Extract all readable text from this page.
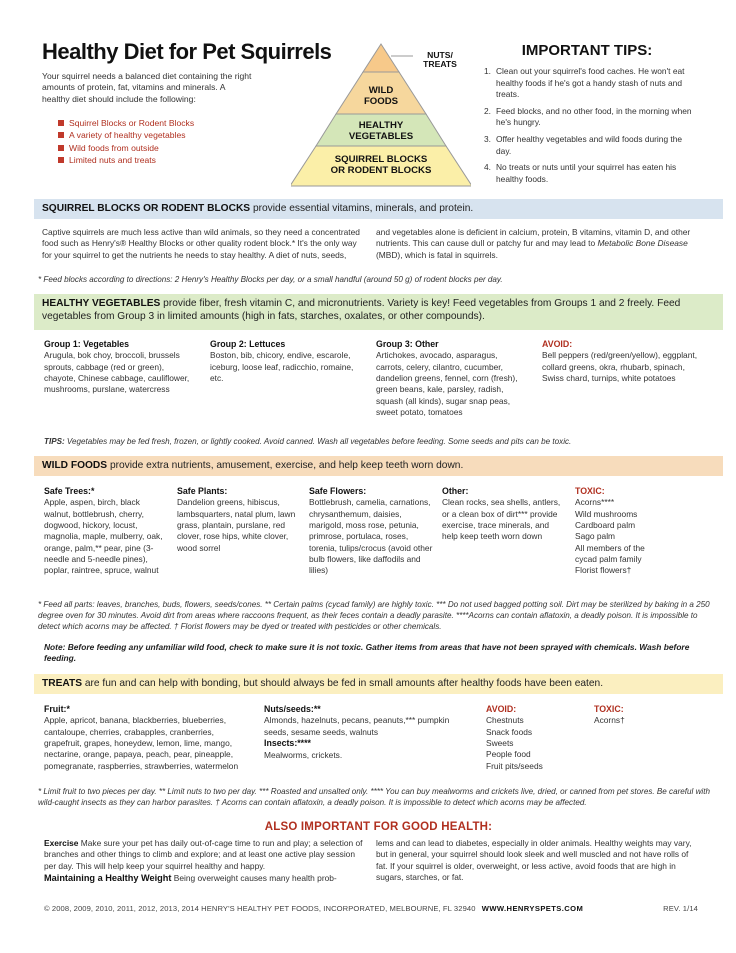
Healthy Diet for Pet Squirrels

Your squirrel needs a balanced diet containing the right amounts of protein, fat, vitamins and minerals. A healthy diet should include the following:

Squirrel Blocks or Rodent Blocks
A variety of healthy vegetables
Wild foods from outside
Limited nuts and treats
NUTS/
TREATS
WILD FOODS
HEALTHY
VEGETABLES
SQUIRREL BLOCKS
OR RODENT BLOCKS
IMPORTANT TIPS:
1. Clean out your squirrel's food caches. He won't eat healthy foods if he's got a handy stash of nuts and treats.
2. Feed blocks, and no other food, in the morning when he's hungry.
3. Offer healthy vegetables and wild foods during the day.
4. No treats or nuts until your squirrel has eaten his healthy foods.
SQUIRREL BLOCKS OR RODENT BLOCKS provide essential vitamins, minerals, and protein.

Captive squirrels are much less active than wild animals, so they need a concentrated food such as Henry's® Healthy Blocks or other quality rodent block.* It's the only way for your squirrel to get the nutrients he needs to stay healthy. A diet of nuts, seeds,

and vegetables alone is deficient in calcium, protein, B vitamins, vitamin D, and other nutrients. This can cause dull or patchy fur and may lead to Metabolic Bone Disease (MBD), which is fatal in squirrels.

* Feed blocks according to directions: 2 Henry's Healthy Blocks per day, or a small handful (around 50 g) of rodent blocks per day.

HEALTHY VEGETABLES provide fiber, fresh vitamin C, and micronutrients. Variety is key! Feed vegetables from Groups 1 and 2 freely. Feed vegetables from Group 3 in limited amounts (high in fats, starches, oxalates, or other compounds).
Group 1: Vegetables
Arugula, bok choy, broccoli, brussels sprouts, cabbage (red or green), chayote, Chinese cabbage, cauliflower, mushrooms, purslane, watercress
Group 2: Lettuces
Boston, bib, chicory, endive, escarole, iceburg, loose leaf, radicchio, romaine, etc.
Group 3: Other
Artichokes, avocado, asparagus, carrots, celery, cilantro, cucumber, dandelion greens, fennel, corn (fresh), green beans, kale, parsley, radish, squash (all kinds), sugar snap peas, sweet potato, tomatoes
AVOID:
Bell peppers (red/green/yellow), eggplant, collard greens, okra, rhubarb, spinach, Swiss chard, turnips, white potatoes

TIPS: Vegetables may be fed fresh, frozen, or lightly cooked. Avoid canned. Wash all vegetables before feeding. Some seeds and pits can be toxic.

WILD FOODS provide extra nutrients, amusement, exercise, and help keep teeth worn down.
Safe Trees:*
Apple, aspen, birch, black walnut, bottlebrush, cherry, dogwood, hickory, locust, magnolia, maple, mulberry, oak, orange, palm,** pear, pine (3-needle and 5-needle pines), poplar, raintree, spruce, walnut
Safe Plants:
Dandelion greens, hibiscus, lambsquarters, natal plum, lawn grass, plantain, purslane, red clover, rose hips, white clover, wood sorrel
Safe Flowers:
Bottlebrush, camelia, carnations, chrysanthemum, daisies, marigold, moss rose, petunia, primrose, portulaca, roses, torenia, tulips/crocus (avoid other bulb flowers, like daffodils and lilies)
Other:
Clean rocks, sea shells, antlers, or a clean box of dirt*** provide exercise, trace minerals, and help keep teeth worn down
TOXIC:
Acorns****
Wild mushrooms
Cardboard palm
Sago palm
All members of the
cycad palm family
Florist flowers†

* Feed all parts: leaves, branches, buds, flowers, seeds/cones. ** Certain palms (cycad family) are highly toxic. *** Do not used bagged potting soil. Dirt may be sterilized by baking in a 250 degree oven for 30 minutes. Avoid dirt from areas where raccoons frequent, as their feces contain a deadly parasite. ****Acorns can contain aflatoxin, a deadly poison. It is impossible to detect which acorns may be affected. † Florist flowers may be dyed or treated with pesticides or other chemicals.

Note: Before feeding any unfamiliar wild food, check to make sure it is not toxic. Gather items from areas that have not been sprayed with chemicals. Wash before feeding.

TREATS are fun and can help with bonding, but should always be fed in small amounts after healthy foods have been eaten.
Fruit:*
Apple, apricot, banana, blackberries, blueberries, cantaloupe, cherries, crabapples, cranberries, grapefruit, grapes, honeydew, lemon, lime, mango, nectarine, orange, papaya, peach, pear, pineapple, pomegranate, raspberries, strawberries, watermelon
Nuts/seeds:**
Almonds, hazelnuts, pecans, peanuts,*** pumpkin seeds, sesame seeds, walnuts
Insects:****
Mealworms, crickets.
AVOID:
Chestnuts
Snack foods
Sweets
People food
Fruit pits/seeds
TOXIC:
Acorns†

* Limit fruit to two pieces per day. ** Limit nuts to two per day. *** Roasted and unsalted only. **** You can buy mealworms and crickets live, dried, or canned from pet stores. Be careful with wild-caught insects as they can harbor parasites. † Acorns can contain aflatoxin, a deadly poison. It is impossible to detect which acorns may be affected.

ALSO IMPORTANT FOR GOOD HEALTH:

Exercise Make sure your pet has daily out-of-cage time to run and play; a selection of branches and other things to climb and explore; and at least one active play session per day. This will help keep your squirrel healthy and happy.
Maintaining a Healthy Weight Being overweight causes many health prob-

lems and can lead to diabetes, especially in older animals. Healthy weights may vary, but in general, your squirrel should look sleek and well muscled and not have rolls of fat. If your squirrel is older, overweight, or less active, avoid foods that are high in sugars, starches, or fat.

© 2008, 2009, 2010, 2011, 2012, 2013, 2014 HENRY'S HEALTHY PET FOODS, INCORPORATED, MELBOURNE, FL 32940 WWW.HENRYSPETS.COM	REV. 1/14
